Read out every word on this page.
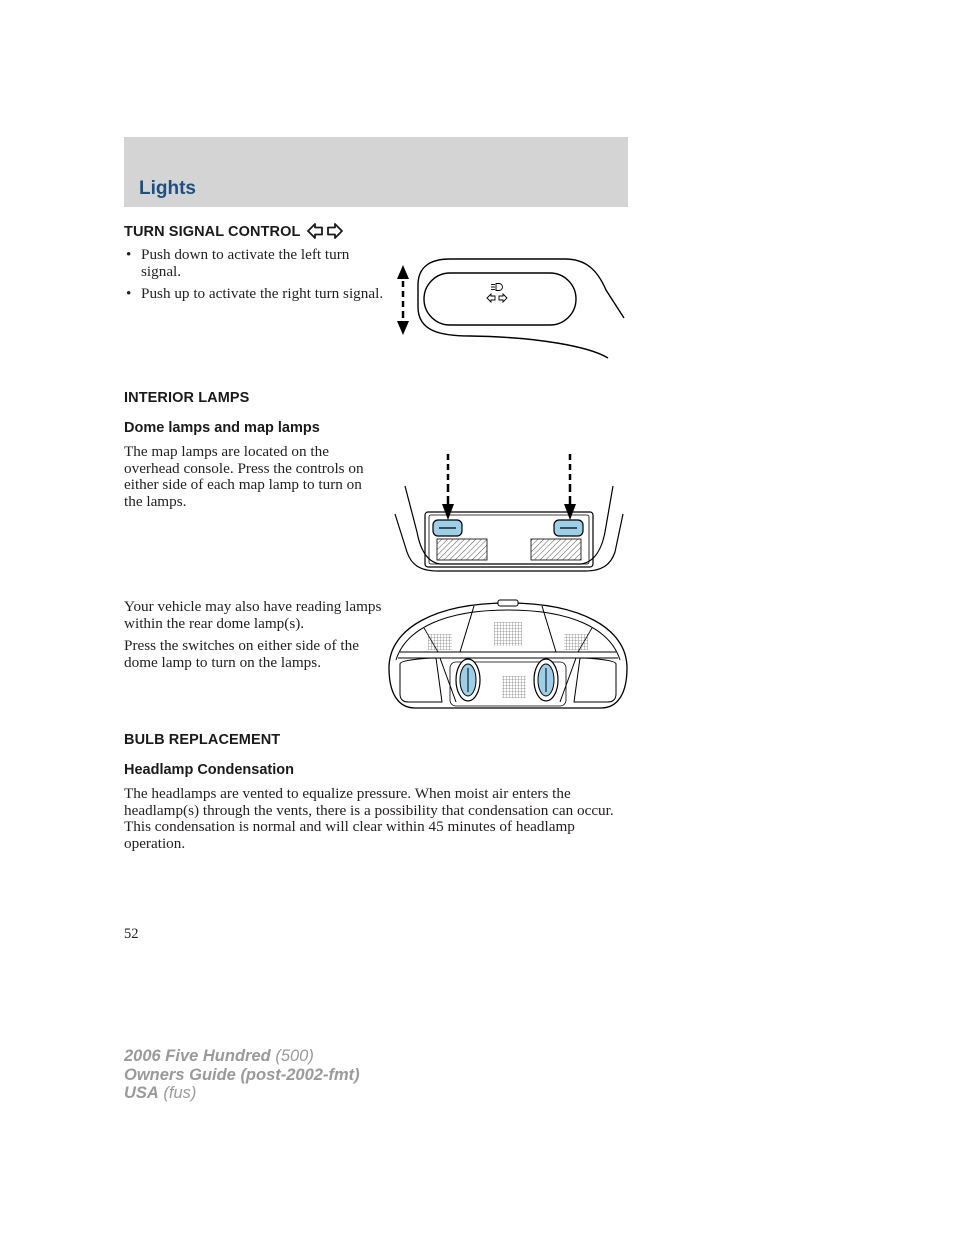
Lights
TURN SIGNAL CONTROL
• Push down to activate the left turn signal.
• Push up to activate the right turn signal.
INTERIOR LAMPS
Dome lamps and map lamps
The map lamps are located on the overhead console. Press the controls on either side of each map lamp to turn on the lamps.
Your vehicle may also have reading lamps within the rear dome lamp(s).
Press the switches on either side of the dome lamp to turn on the lamps.
BULB REPLACEMENT
Headlamp Condensation
The headlamps are vented to equalize pressure. When moist air enters the headlamp(s) through the vents, there is a possibility that condensation can occur. This condensation is normal and will clear within 45 minutes of headlamp operation.
52
2006 Five Hundred (500)
Owners Guide (post-2002-fmt)
USA (fus)
